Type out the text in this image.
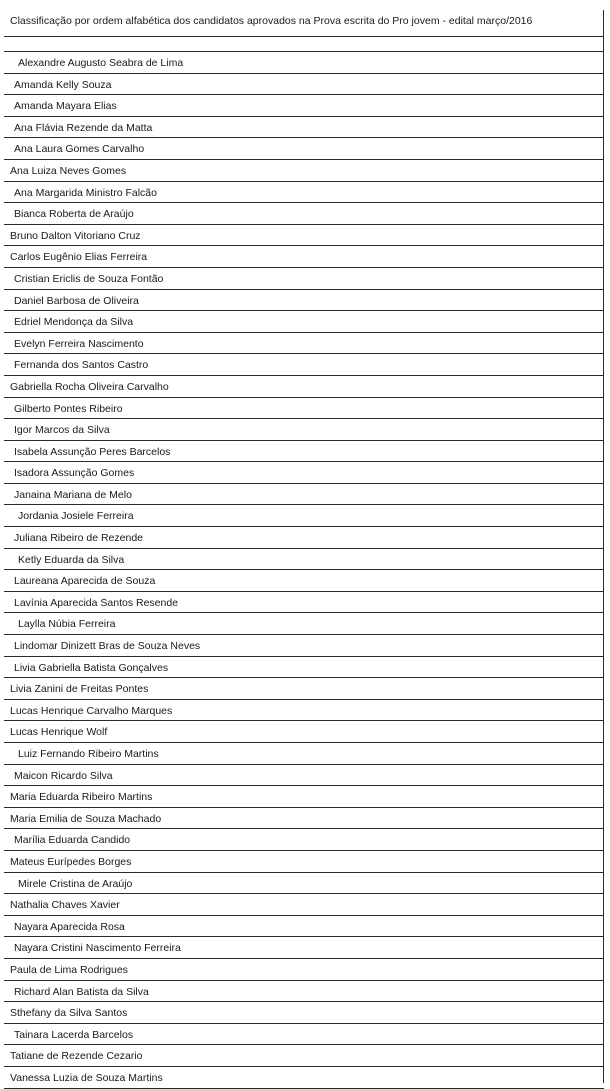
Classificação por ordem alfabética dos candidatos aprovados na Prova escrita do Pro jovem - edital março/2016
Alexandre Augusto Seabra de Lima
Amanda Kelly Souza
Amanda Mayara Elias
Ana Flávia Rezende da Matta
Ana Laura Gomes Carvalho
Ana Luiza Neves Gomes
Ana Margarida Ministro Falcão
Bianca Roberta de Araújo
Bruno Dalton Vitoriano Cruz
Carlos Eugênio Elias Ferreira
Cristian Ericlis de Souza Fontão
Daniel Barbosa de Oliveira
Edriel Mendonça da Silva
Evelyn Ferreira Nascimento
Fernanda dos Santos Castro
Gabriella Rocha Oliveira Carvalho
Gilberto Pontes Ribeiro
Igor Marcos da Silva
Isabela Assunção Peres Barcelos
Isadora Assunção Gomes
Janaina Mariana de Melo
Jordania Josiele Ferreira
Juliana Ribeiro de Rezende
Ketly Eduarda da Silva
Laureana Aparecida de Souza
Lavínia Aparecida Santos Resende
Laylla Núbia Ferreira
Lindomar Dinizett Bras de Souza Neves
Livia Gabriella Batista Gonçalves
Livia Zanini de Freitas Pontes
Lucas Henrique Carvalho Marques
Lucas Henrique Wolf
Luiz Fernando Ribeiro Martins
Maicon Ricardo Silva
Maria Eduarda Ribeiro Martins
Maria Emilia de Souza Machado
Marília Eduarda Candido
Mateus Eurípedes Borges
Mirele Cristina de Araújo
Nathalia Chaves Xavier
Nayara Aparecida Rosa
Nayara Cristini Nascimento Ferreira
Paula de Lima Rodrigues
Richard Alan Batista da Silva
Sthefany da Silva Santos
Tainara Lacerda Barcelos
Tatiane de Rezende Cezario
Vanessa Luzia de Souza Martins
